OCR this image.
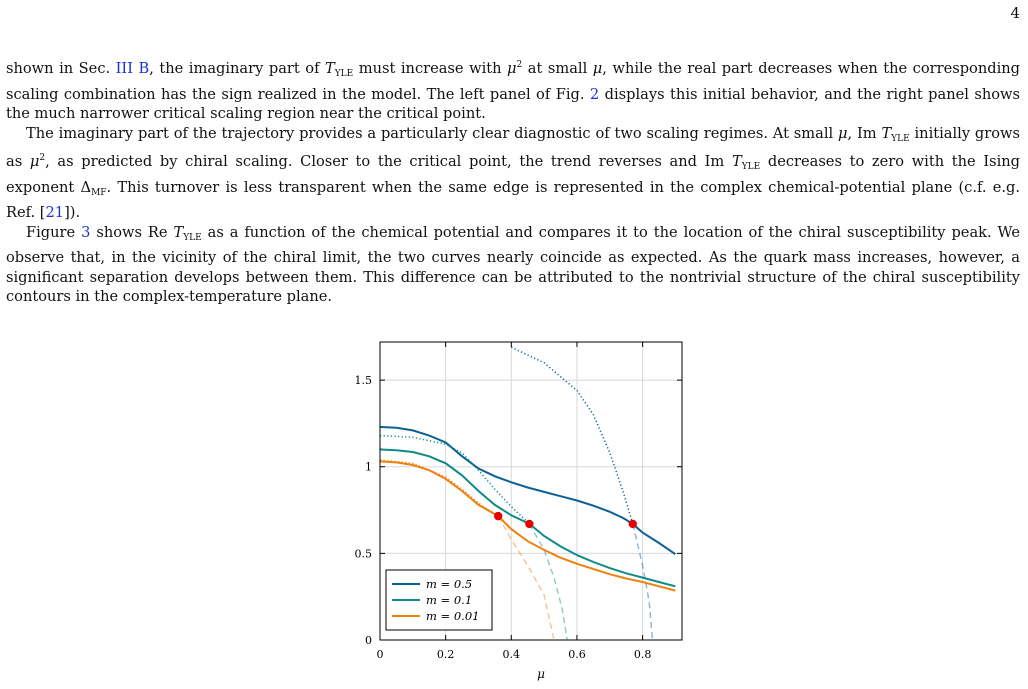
4

shown in Sec. III B, the imaginary part of $T_{YLE}$ must increase with $\mu^2$ at small μ, while the real part decreases when the corresponding scaling combination has the sign realized in the model. The left panel of Fig. 2 displays this initial behavior, and the right panel shows the much narrower critical scaling region near the critical point.

The imaginary part of the trajectory provides a particularly clear diagnostic of two scaling regimes. At small μ, Im $T_{YLE}$ initially grows as $\mu^2$, as predicted by chiral scaling. Closer to the critical point, the trend reverses and Im $T_{YLE}$ decreases to zero with the Ising exponent $\Delta_{MF}$. This turnover is less transparent when the same edge is represented in the complex chemical-potential plane (c.f. e.g. Ref. [21]).

Figure 3 shows Re $T_{YLE}$ as a function of the chemical potential and compares it to the location of the chiral susceptibility peak. We observe that, in the vicinity of the chiral limit, the two curves nearly coincide as expected. As the quark mass increases, however, a significant separation develops between them. This difference can be attributed to the nontrivial structure of the chiral susceptibility contours in the complex-temperature plane.

0	0.2	0.4	0.6	0.8
0
0.5
1
1.5
μ
m = 0.5
m = 0.1
m = 0.01
